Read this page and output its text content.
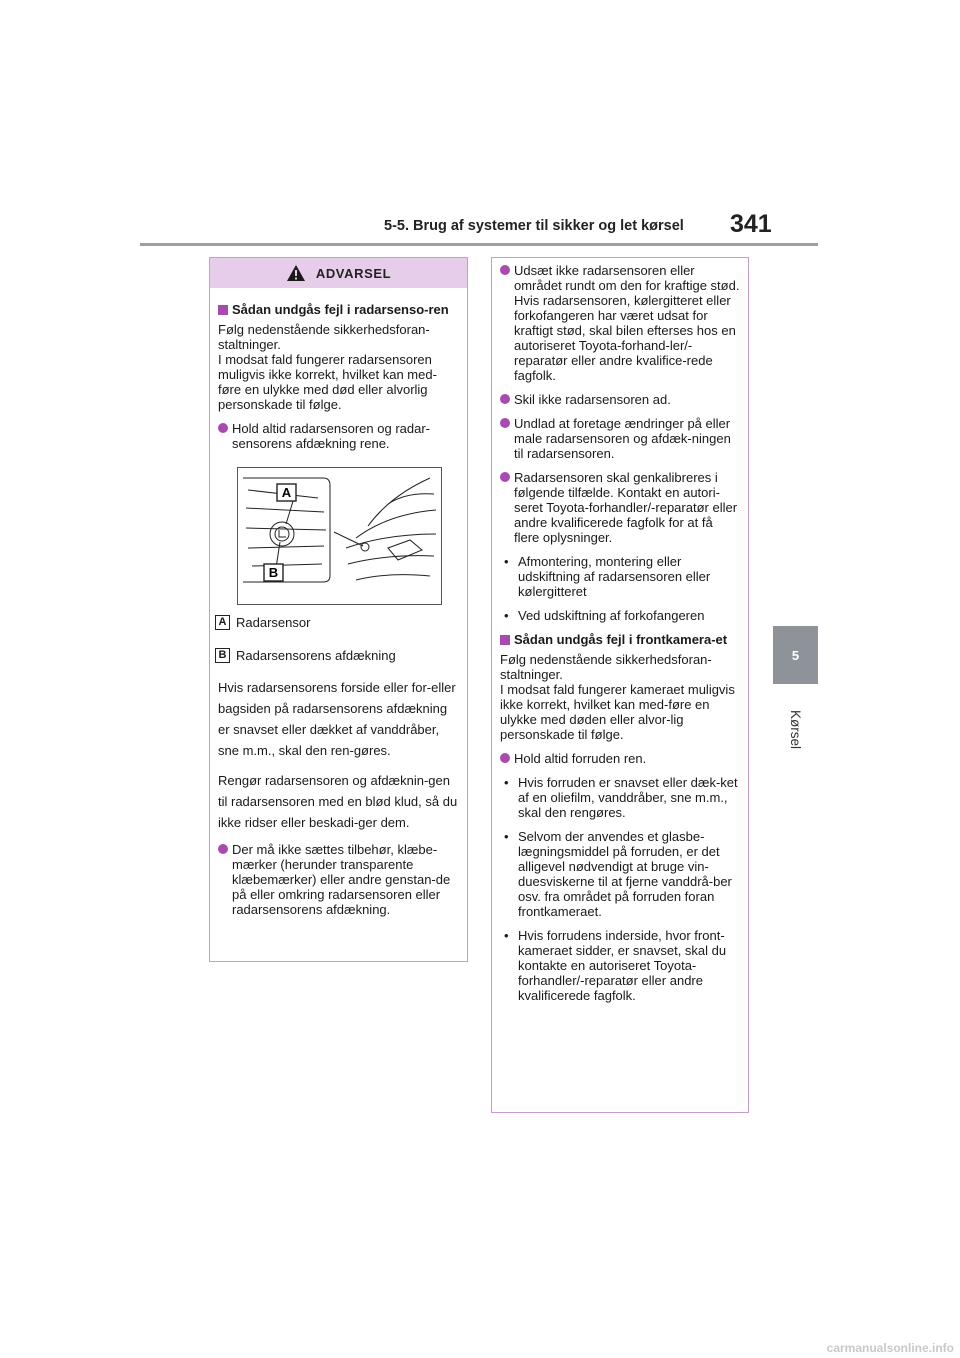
5-5. Brug af systemer til sikker og let kørsel	341
5
Kørsel
ADVARSEL
Sådan undgås fejl i radarsenso-ren
Følg nedenstående sikkerhedsforan-staltninger.
I modsat fald fungerer radarsensoren muligvis ikke korrekt, hvilket kan med-føre en ulykke med død eller alvorlig personskade til følge.
Hold altid radarsensoren og radar-sensorens afdækning rene.
A
B
A Radarsensor
B Radarsensorens afdækning
Hvis radarsensorens forside eller for-eller bagsiden på radarsensorens afdækning er snavset eller dækket af vanddråber, sne m.m., skal den ren-gøres.
Rengør radarsensoren og afdæknin-gen til radarsensoren med en blød klud, så du ikke ridser eller beskadi-ger dem.
Der må ikke sættes tilbehør, klæbe-mærker (herunder transparente klæbemærker) eller andre genstan-de på eller omkring radarsensoren eller radarsensorens afdækning.
Udsæt ikke radarsensoren eller området rundt om den for kraftige stød.
Hvis radarsensoren, kølergitteret eller forkofangeren har været udsat for kraftigt stød, skal bilen efterses hos en autoriseret Toyota-forhand-ler/-reparatør eller andre kvalifice-rede fagfolk.
Skil ikke radarsensoren ad.
Undlad at foretage ændringer på eller male radarsensoren og afdæk-ningen til radarsensoren.
Radarsensoren skal genkalibreres i følgende tilfælde. Kontakt en autori-seret Toyota-forhandler/-reparatør eller andre kvalificerede fagfolk for at få flere oplysninger.
• Afmontering, montering eller udskiftning af radarsensoren eller kølergitteret
• Ved udskiftning af forkofangeren
Sådan undgås fejl i frontkamera-et
Følg nedenstående sikkerhedsforan-staltninger.
I modsat fald fungerer kameraet muligvis ikke korrekt, hvilket kan med-føre en ulykke med døden eller alvor-lig personskade til følge.
Hold altid forruden ren.
• Hvis forruden er snavset eller dæk-ket af en oliefilm, vanddråber, sne m.m., skal den rengøres.
• Selvom der anvendes et glasbe-lægningsmiddel på forruden, er det alligevel nødvendigt at bruge vin-duesviskerne til at fjerne vanddrå-ber osv. fra området på forruden foran frontkameraet.
• Hvis forrudens inderside, hvor front-kameraet sidder, er snavset, skal du kontakte en autoriseret Toyota-forhandler/-reparatør eller andre kvalificerede fagfolk.
carmanualsonline.info
